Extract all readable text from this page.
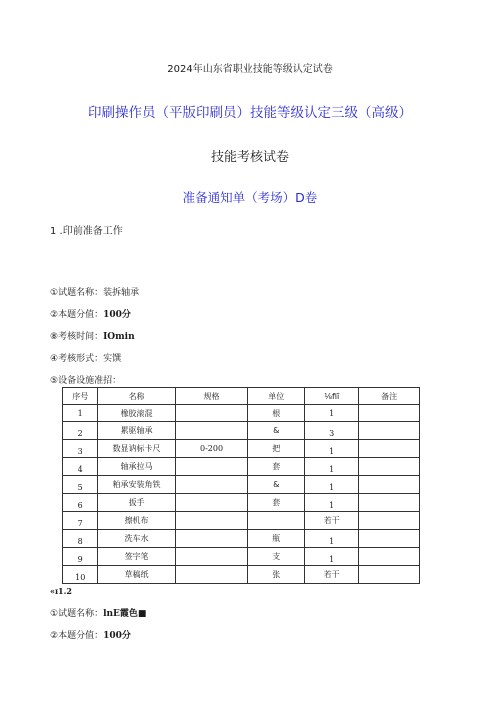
2024年山东省职业技能等级认定试卷
印刷操作员（平版印刷员）技能等级认定三级（高级）
技能考核试卷
准备通知单（考场）D卷
1 .印前准备工作
①试题名称：装拆轴承
②本题分值：100分
⑧考核时间：IOmin
④考核形式：实馔
⑤设备设施准招：
序号	名称	规格	单位	⅛fiī	备注
1	橡胶滚混		根	1	
2	累驱轴承		&	3	
3	数显讷标卡尺	0-200	把	1	
4	轴承拉马		套	1	
5	粕承安装角铁		&	1	
6	扳手		套	1	
7	擦机布			若干	
8	洗车水		瓶	1	
9	签字笔		支	1	
10	草稿纸		张	若干	
«ɪ1.2
①试题名称：lnE霞色■
②本题分值：100分
